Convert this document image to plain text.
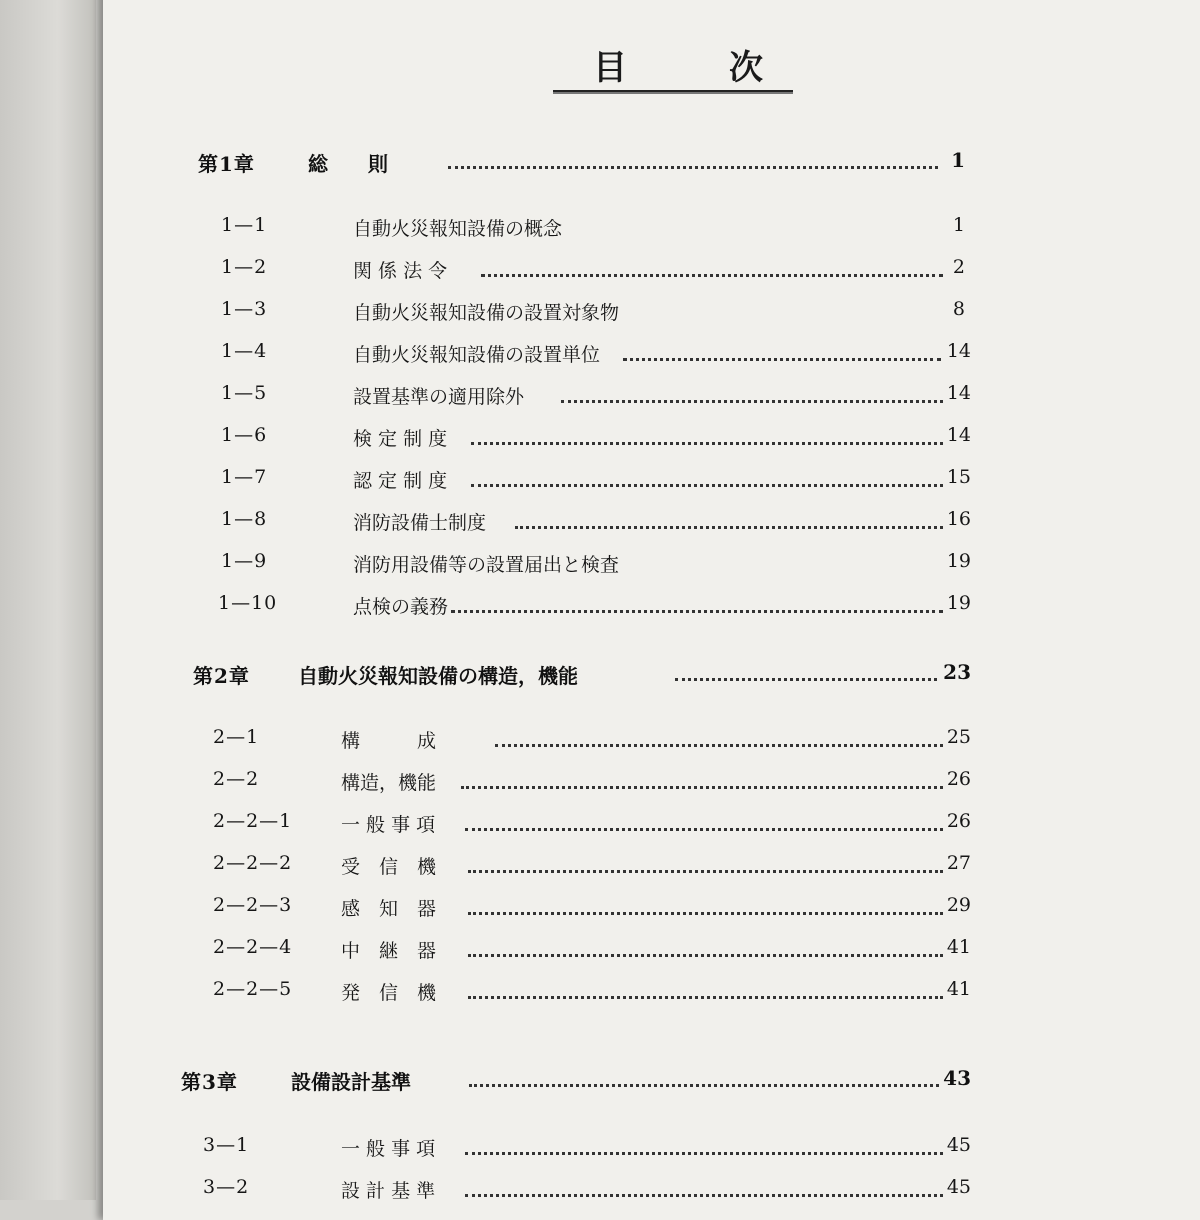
目	次
第1章	総　　則	1
1—1	自動火災報知設備の概念	1
1—2	関 係 法 令	2
1—3	自動火災報知設備の設置対象物	8
1—4	自動火災報知設備の設置単位	14
1—5	設置基準の適用除外	14
1—6	検 定 制 度	14
1—7	認 定 制 度	15
1—8	消防設備士制度	16
1—9	消防用設備等の設置届出と検査	19
1—10	点検の義務	19
第2章 自動火災報知設備の構造，機能	23
2—1	構　　　成	25
2—2	構造，機能	26
2—2—1	一 般 事 項	26
2—2—2	受　信　機	27
2—2—3	感　知　器	29
2—2—4	中　継　器	41
2—2—5	発　信　機	41
第3章	設備設計基準	43
3—1	一 般 事 項	45
3—2	設 計 基 準	45
